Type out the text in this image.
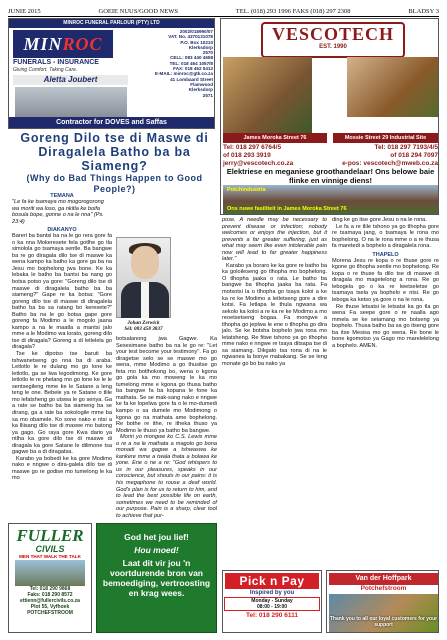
JUNIE 2015	GOEIE NUUS/GOOD NEWS	TEL. (018) 293 1996 FAKS (018) 297 2308	BLADSY 3
MINROC FUNERAL PARLOUR (PTY) LTD
MINROC
FUNERALS - INSURANCE
Giving Comfort. Taking Care.
Aletta Joubert
2002/018990/07
VAT. No. 4370131078
P.O. Box 10210
Klerksdorp
2570
CELL: 083 440 4658
TEL: 018 464 1057/8
FAX: 018 462 5412
E-MAIL: minroc@gtk.co.za
41 Lombaard Street
Flamwood
Klerksdorp
2571
Contractor for DOVES and Saffas
VESCOTECH
EST. 1990
James Moroka Street 76	Mossie Street 29 Industrial Site
Tel: 018 297 6764/5
of 018 293 3919
jerry@vescotech.co.za
Tel: 018 297 7193/4/5
of 018 294 7097
e-pos: vescotech@mweb.co.za
Elektriese en meganiese groothandelaar! Ons belowe baie flinke en vinnige diens!
Potchindustria
Ons nuwe fasiliteit in James Moroka Street 76
Goreng Dilo tse di Maswe di Diragalela Batho ba ba Siameng?
(Why do Bad Things Happen to Good People?)
TEMANA
"Le fa ke tsamaya mo mogorogorong wa moriti wa loso, ga nkitla ke boifa bosula bope, gonne o na le nna" (Ps. 23:4)
DIAKANYO
Bareri ba bantsi ba na le go rera gore fa o ka nna Mokeresete fela gotlhe go tla simolola go tsamaya sentle. Ba bangwe ba re go diragala dilo tse di maswe ka wena kampo ka batho ka gore ga ba na Jesu mo bophelong jwa bone. Ke ka lebaka le batho ba bantsi ba nang go botsa potso ya gore: "Goreng dilo tse di maswe di diragalela batho ba ba siameng?" Gape re ka botsa: "Gore goreng dilo tse di maswe di diragalela batho ba ba sa ratang bo keresete?" Batho ba na le go botsa gape gore goreng fa Modimo a le mogolo jaana kampo a na le maatla a mantsi jalo mme a le Modimo wa lorato, goreng dilo tse di diragala? Goreng a di letlelela go diragala?
Tse ke dipotso tse baruti ba tshwanetseng go nna ba di araba. Letlotlo le re dulang mo go lone ke letlotlo, ga se lwa legodimong. Ke gore letlotlo le re phelang mo go lone ke le le sentsegileng mme ke le Satane a leng teng le one. Bebele ya re Satane o tlile mo lefatsheng go utswa le go senya. Ga a rate se batho ba ba siameng ba se dirang, ga a rate ba sokologile mme ba sa mo obamele. Ko sone nako e ntsi a ka lliisang dilo tse di maswe mo batong ya gago. Go raya gore Kwa dario ya ntlha ka gore dilo tse di maswe di diragala ka gore Satane le dilimone tsa gagwe ba a di diragatsa.
Karabo ya bobedi ke ka gore Modimo nako e nngwe o dira-galela dilo tse di maswe go re godise mo tumelong le ka mo
Johan Zerwick
Sêl: 083 458 3837
botsalanong jwa Gagwe. Ka Sesesimane batho ba na le go re: "Let your test become your testimony". Fa go diragetse selo se se maswe mo go wena, mme Modimo a go thusitse go feta mo botlhokong bo, wena o kgona go gola ka mo moweng le ka mo tumelong mme e kgona go thusa batho ba bangwe fa ba kopana le fone ka mathata. Se se mak-sang nako e nngwe ke fa ke lopelwa gore fa o le mo-dumedi kampo o sa dumele mo Modimong o kgona go na mathata ame bophelong. Re bothe re ithe, re itheka thuso ya Modimo le thuso ya batho ba bangwe.
Moriri yo mongwe ko C.S. Lewis mme o re a na le mathata a magolo go bona monadi wa gagwe a tshwaswa ke kankere mme a twala thata a bolawa ke yone. Ene o ne a re: "God whispers to us in our pleasures, speaks in our conscience, but shouts in our pains: it is his megaphone to rouse a deaf world. God's plan is for us to return to him, and to lead the best possible life on earth, sometimes we need to be reminded of our purpose. Pain is a sharp, clear tool to achieve that pur-
pose. A needle may be necessary to prevent disease or infection; nobody welcomes or enjoys the injection, but it prevents a far greater suffering, just as what may seem like even intolerable pain now will lead to far greater happiness later."
Karabo ya boraro ke ka gore re batho ba ka goloileseng go tlhopha mo bophelong. O tlhopha jaaka o rata. Le batho ba bangwe ba tlhopha jaaka ba rata. Fa motsotsi la o tlhopha go tsaya koloi a ke ka re ke Modimo a letletseng gore a dire kotsi. Fa letlapa le thula ngwana wa sekolo ka koloi a re ka re ke Modimo a mo reoetsetseng bogaa. Fa mongwe a tlhopha go jeplwa le ene o tlhopha go dira jalo. Se ke botsha bophelo jwa rona mo letatsheng. Re fitwe tshono ya go tlhopha mme nako e nngwe re tsaya ditsapa tse di sa siamang. Dikgato tsa rona di na le ngwanea la bonye mabakang. Se se leng monate go bo ba nako ya
ding ke go itse gore Jesu o na le rona.
Le fa a re tlile tshono ya go tlhopha gore re tsamaya jang, o tsamaya le rona mo bophelong. O na le rona mme o a re thusa fa maretedi a bophelo a diragalela rona.
THAPELO
Morena Jesu re kopa o re thuse gore re kgone go tlhopha sentle mo bophelong. Re kopa o re thuse fa dilo tse di maswe di diragala mo magetelong a rona. Re go lebogela go o ka re lwetseletse go tsamaya tsela ya bophelo e ntsi. Re go leboga ka ketso ya gore o na le rona.
Re thuse letsatsi le letsatsi ka go tla go wena Fa seepe gore o re naalla ago mmela se ke seiamang mo botseng ya bophelo. Thusa batho ba sa go itseng gore ba itse Mesisa mo go wena. Re bone le bone kgomotso ya Gago mo marelelelong a bophelo. AMEN.
FULLER
CIVILS
MEN THAT WALK THE TALK
Tel: 018 290 9868
Faks: 018 290 8572
ettienn@fullercivils.co.za
Plot 55, Vyfhoek
POTCHEFSTROOM
God het jou lief!
Hou moed!
Laat dit vir jou 'n voortdurende bron van bemoediging, vertroosting en krag wees.
Pick n Pay
Inspired by you
Monday - Sunday
08:00 - 19:00
Tel: 018 290 6111
Van der Hoffpark
Potchefstroom
Thank you to all our loyal customers for your support
